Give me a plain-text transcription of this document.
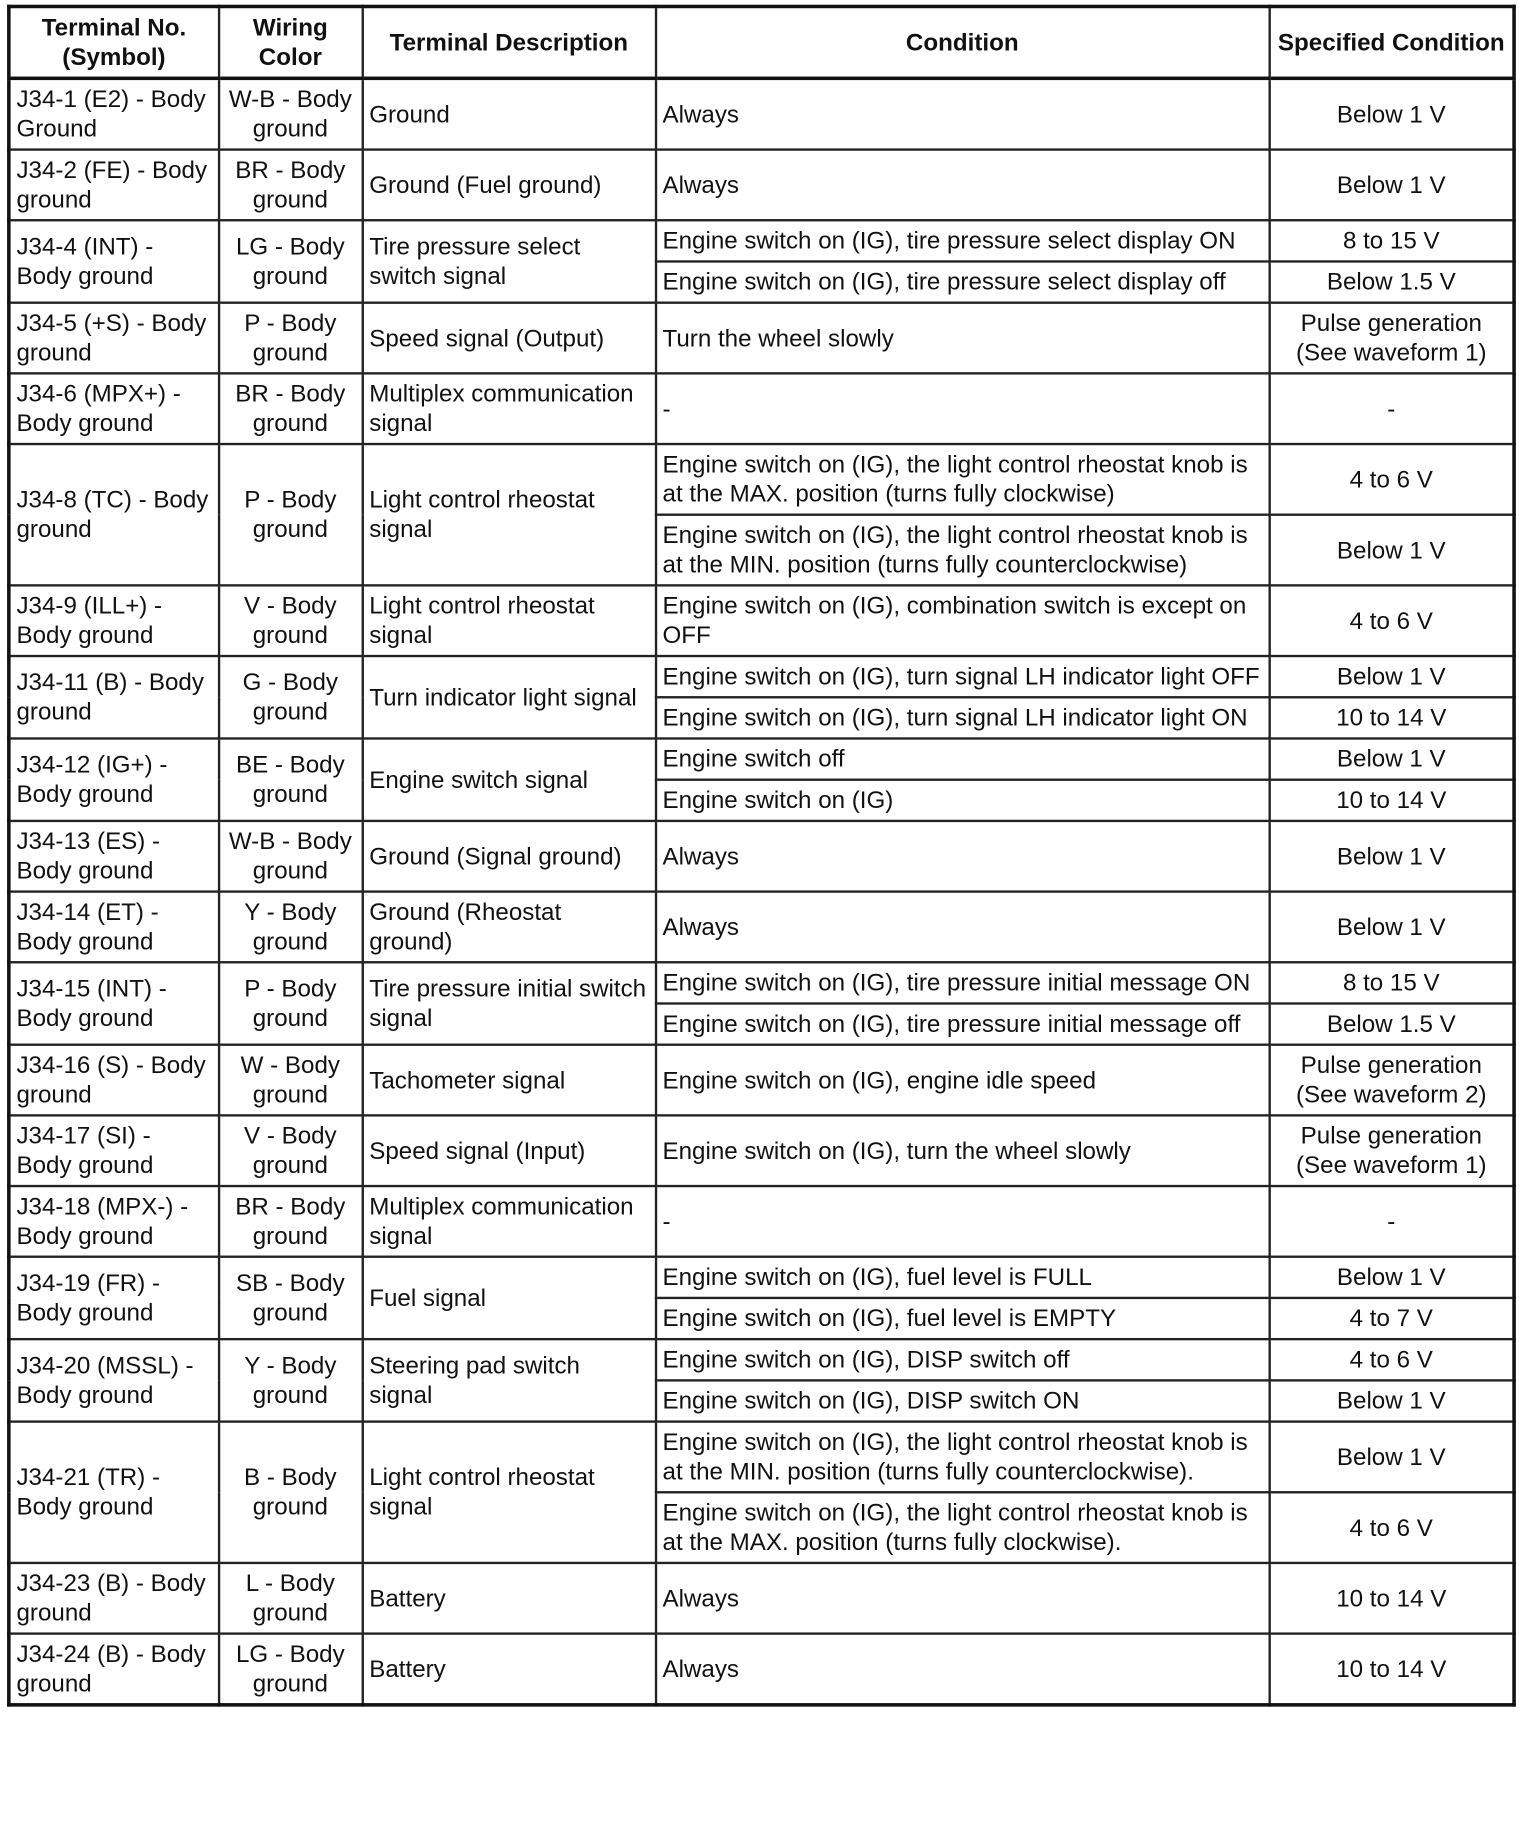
Terminal No. (Symbol)	Wiring Color	Terminal Description	Condition	Specified Condition
J34-1 (E2) - Body Ground	W-B - Body ground	Ground	Always	Below 1 V
J34-2 (FE) - Body ground	BR - Body ground	Ground (Fuel ground)	Always	Below 1 V
J34-4 (INT) - Body ground	LG - Body ground	Tire pressure select switch signal	Engine switch on (IG), tire pressure select display ON	8 to 15 V
			Engine switch on (IG), tire pressure select display off	Below 1.5 V
J34-5 (+S) - Body ground	P - Body ground	Speed signal (Output)	Turn the wheel slowly	Pulse generation (See waveform 1)
J34-6 (MPX+) - Body ground	BR - Body ground	Multiplex communication signal	-	-
J34-8 (TC) - Body ground	P - Body ground	Light control rheostat signal	Engine switch on (IG), the light control rheostat knob is at the MAX. position (turns fully clockwise)	4 to 6 V
			Engine switch on (IG), the light control rheostat knob is at the MIN. position (turns fully counterclockwise)	Below 1 V
J34-9 (ILL+) - Body ground	V - Body ground	Light control rheostat signal	Engine switch on (IG), combination switch is except on OFF	4 to 6 V
J34-11 (B) - Body ground	G - Body ground	Turn indicator light signal	Engine switch on (IG), turn signal LH indicator light OFF	Below 1 V
			Engine switch on (IG), turn signal LH indicator light ON	10 to 14 V
J34-12 (IG+) - Body ground	BE - Body ground	Engine switch signal	Engine switch off	Below 1 V
			Engine switch on (IG)	10 to 14 V
J34-13 (ES) - Body ground	W-B - Body ground	Ground (Signal ground)	Always	Below 1 V
J34-14 (ET) - Body ground	Y - Body ground	Ground (Rheostat ground)	Always	Below 1 V
J34-15 (INT) - Body ground	P - Body ground	Tire pressure initial switch signal	Engine switch on (IG), tire pressure initial message ON	8 to 15 V
			Engine switch on (IG), tire pressure initial message off	Below 1.5 V
J34-16 (S) - Body ground	W - Body ground	Tachometer signal	Engine switch on (IG), engine idle speed	Pulse generation (See waveform 2)
J34-17 (SI) - Body ground	V - Body ground	Speed signal (Input)	Engine switch on (IG), turn the wheel slowly	Pulse generation (See waveform 1)
J34-18 (MPX-) - Body ground	BR - Body ground	Multiplex communication signal	-	-
J34-19 (FR) - Body ground	SB - Body ground	Fuel signal	Engine switch on (IG), fuel level is FULL	Below 1 V
			Engine switch on (IG), fuel level is EMPTY	4 to 7 V
J34-20 (MSSL) - Body ground	Y - Body ground	Steering pad switch signal	Engine switch on (IG), DISP switch off	4 to 6 V
			Engine switch on (IG), DISP switch ON	Below 1 V
J34-21 (TR) - Body ground	B - Body ground	Light control rheostat signal	Engine switch on (IG), the light control rheostat knob is at the MIN. position (turns fully counterclockwise).	Below 1 V
			Engine switch on (IG), the light control rheostat knob is at the MAX. position (turns fully clockwise).	4 to 6 V
J34-23 (B) - Body ground	L - Body ground	Battery	Always	10 to 14 V
J34-24 (B) - Body ground	LG - Body ground	Battery	Always	10 to 14 V
